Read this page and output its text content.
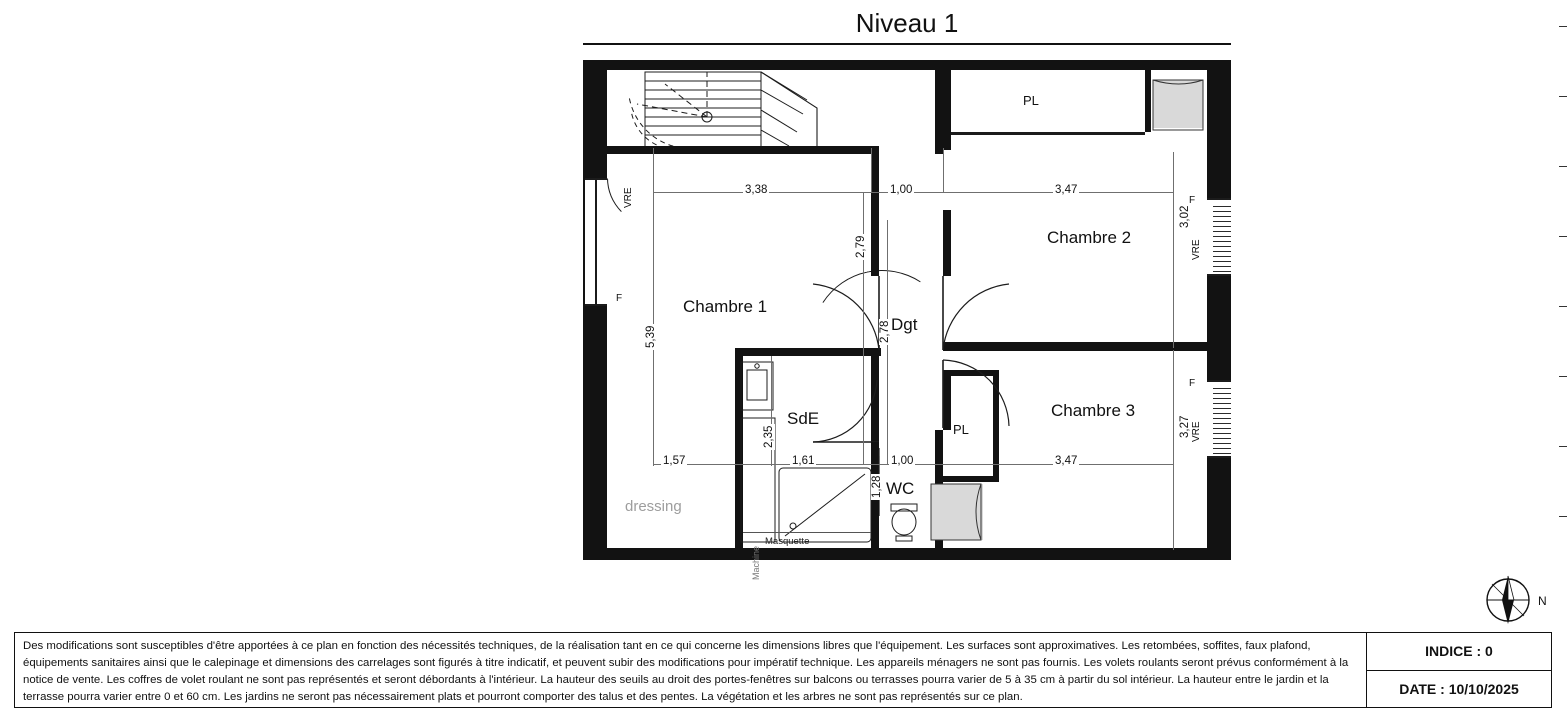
Niveau 1
Machine
Masquette
Chambre 1
Chambre 2
Chambre 3
Dgt
SdE
WC
PL
PL
dressing
3,38	1,00	3,47
3,02
3,27
5,39
2,79
2,78
2,35
1,28
1,57	1,61	1,00	3,47
VRE
F
VRE
F
VRE
F
N
Des modifications sont susceptibles d'être apportées à ce plan en fonction des nécessités techniques, de la réalisation tant en ce qui concerne les dimensions libres que l'équipement. Les surfaces sont approximatives. Les retombées, soffites, faux plafond, équipements sanitaires ainsi que le calepinage et dimensions des carrelages sont figurés à titre indicatif, et peuvent subir des modifications pour impératif technique. Les appareils ménagers ne sont pas fournis. Les volets roulants seront prévus conformément à la notice de vente. Les coffres de volet roulant ne sont pas représentés et seront débordants à l'intérieur. La hauteur des seuils au droit des portes-fenêtres sur balcons ou terrasses pourra varier de 5 à 35 cm à partir du sol intérieur. La hauteur entre le jardin et la terrasse pourra varier entre 0 et 60 cm. Les jardins ne seront pas nécessairement plats et pourront comporter des talus et des pentes. La végétation et les arbres ne sont pas représentés sur ce plan.
INDICE : 0
DATE : 10/10/2025
